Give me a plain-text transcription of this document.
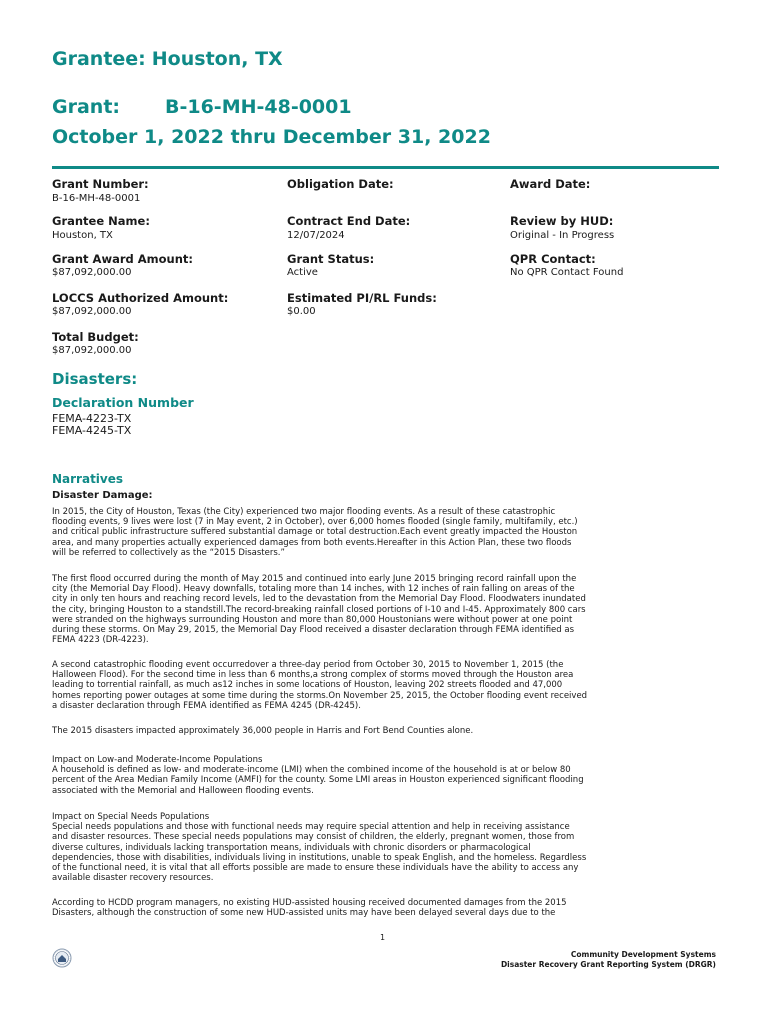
Grantee: Houston, TX
Grant: B-16-MH-48-0001
October 1, 2022 thru December 31, 2022
Grant Number:
B-16-MH-48-0001
Obligation Date:	Award Date:
Grantee Name:
Houston, TX
Contract End Date:
12/07/2024
Review by HUD:
Original - In Progress
Grant Award Amount:
$87,092,000.00
Grant Status:
Active
QPR Contact:
No QPR Contact Found
LOCCS Authorized Amount:
$87,092,000.00
Estimated PI/RL Funds:
$0.00
Total Budget:
$87,092,000.00
Disasters:
Declaration Number
FEMA-4223-TX
FEMA-4245-TX
Narratives
Disaster Damage:
In 2015, the City of Houston, Texas (the City) experienced two major flooding events. As a result of these catastrophic
flooding events, 9 lives were lost (7 in May event, 2 in October), over 6,000 homes flooded (single family, multifamily, etc.)
and critical public infrastructure suffered substantial damage or total destruction.Each event greatly impacted the Houston
area, and many properties actually experienced damages from both events.Hereafter in this Action Plan, these two floods
will be referred to collectively as the “2015 Disasters.”
The first flood occurred during the month of May 2015 and continued into early June 2015 bringing record rainfall upon the
city (the Memorial Day Flood). Heavy downfalls, totaling more than 14 inches, with 12 inches of rain falling on areas of the
city in only ten hours and reaching record levels, led to the devastation from the Memorial Day Flood. Floodwaters inundated
the city, bringing Houston to a standstill.The record-breaking rainfall closed portions of I-10 and I-45. Approximately 800 cars
were stranded on the highways surrounding Houston and more than 80,000 Houstonians were without power at one point
during these storms. On May 29, 2015, the Memorial Day Flood received a disaster declaration through FEMA identified as
FEMA 4223 (DR-4223).
A second catastrophic flooding event occurredover a three-day period from October 30, 2015 to November 1, 2015 (the
Halloween Flood). For the second time in less than 6 months,a strong complex of storms moved through the Houston area
leading to torrential rainfall, as much as12 inches in some locations of Houston, leaving 202 streets flooded and 47,000
homes reporting power outages at some time during the storms.On November 25, 2015, the October flooding event received
a disaster declaration through FEMA identified as FEMA 4245 (DR-4245).
The 2015 disasters impacted approximately 36,000 people in Harris and Fort Bend Counties alone.
Impact on Low-and Moderate-Income Populations
A household is defined as low- and moderate-income (LMI) when the combined income of the household is at or below 80
percent of the Area Median Family Income (AMFI) for the county. Some LMI areas in Houston experienced significant flooding
associated with the Memorial and Halloween flooding events.
Impact on Special Needs Populations
Special needs populations and those with functional needs may require special attention and help in receiving assistance
and disaster resources. These special needs populations may consist of children, the elderly, pregnant women, those from
diverse cultures, individuals lacking transportation means, individuals with chronic disorders or pharmacological
dependencies, those with disabilities, individuals living in institutions, unable to speak English, and the homeless. Regardless
of the functional need, it is vital that all efforts possible are made to ensure these individuals have the ability to access any
available disaster recovery resources.
According to HCDD program managers, no existing HUD-assisted housing received documented damages from the 2015
Disasters, although the construction of some new HUD-assisted units may have been delayed several days due to the
1
Community Development Systems
Disaster Recovery Grant Reporting System (DRGR)
